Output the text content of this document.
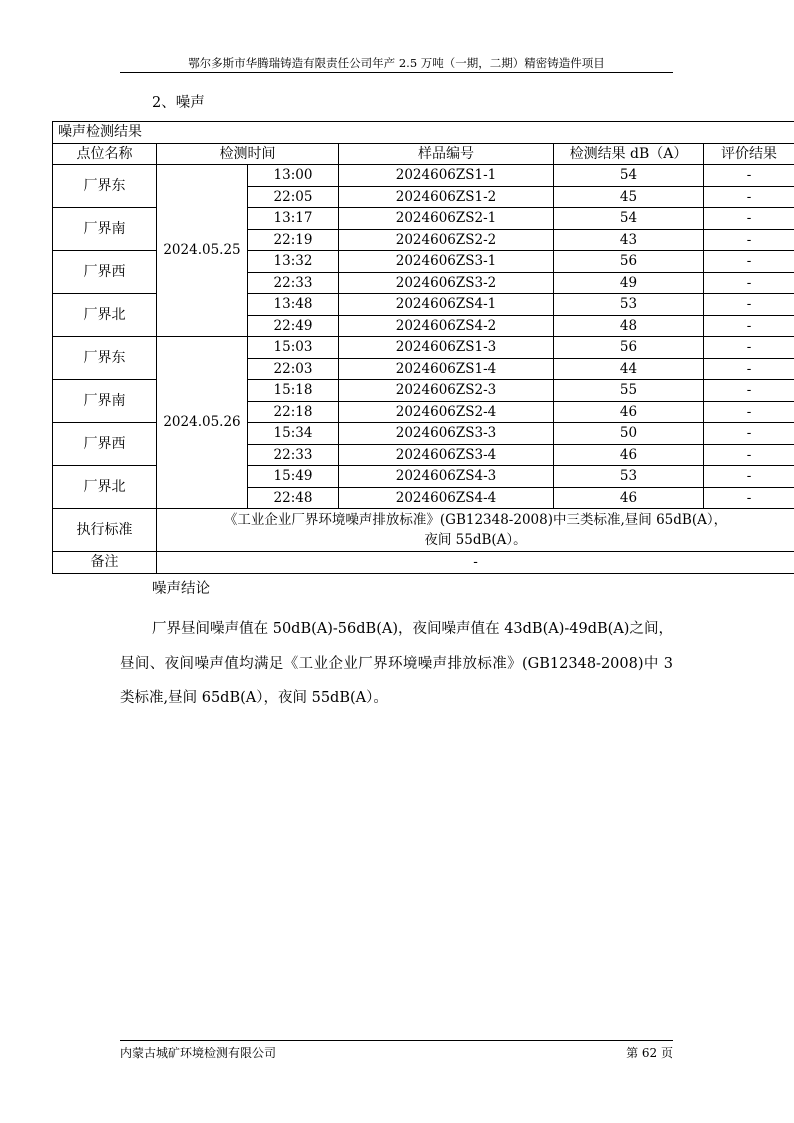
鄂尔多斯市华腾瑞铸造有限责任公司年产 2.5 万吨（一期，二期）精密铸造件项目
2、噪声
噪声检测结果					
点位名称	检测时间		样品编号	检测结果 dB（A）	评价结果
厂界东	2024.05.25	13:00	2024606ZS1-1	54	-
		22:05	2024606ZS1-2	45	-
厂界南		13:17	2024606ZS2-1	54	-
		22:19	2024606ZS2-2	43	-
厂界西		13:32	2024606ZS3-1	56	-
		22:33	2024606ZS3-2	49	-
厂界北		13:48	2024606ZS4-1	53	-
		22:49	2024606ZS4-2	48	-
厂界东	2024.05.26	15:03	2024606ZS1-3	56	-
		22:03	2024606ZS1-4	44	-
厂界南		15:18	2024606ZS2-3	55	-
		22:18	2024606ZS2-4	46	-
厂界西		15:34	2024606ZS3-3	50	-
		22:33	2024606ZS3-4	46	-
厂界北		15:49	2024606ZS4-3	53	-
		22:48	2024606ZS4-4	46	-
执行标准	《工业企业厂界环境噪声排放标准》(GB12348-2008)中三类标准,昼间 65dB(A），
夜间 55dB(A）。				

备注	-				
噪声结论

厂界昼间噪声值在 50dB(A)-56dB(A)，夜间噪声值在 43dB(A)-49dB(A)之间，昼间、夜间噪声值均满足《工业企业厂界环境噪声排放标准》(GB12348-2008)中 3 类标准,昼间 65dB(A），夜间 55dB(A）。

内蒙古城矿环境检测有限公司	第 62 页
